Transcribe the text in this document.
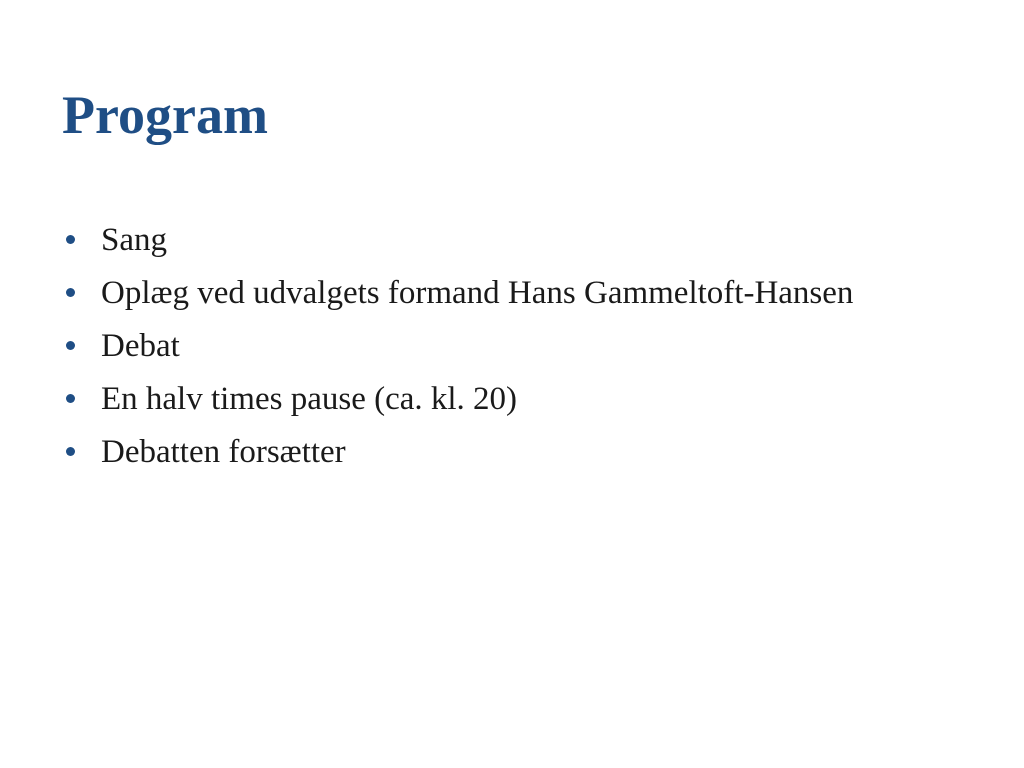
Program
Sang
Oplæg ved udvalgets formand Hans Gammeltoft-Hansen
Debat
En halv times pause (ca. kl. 20)
Debatten forsætter
